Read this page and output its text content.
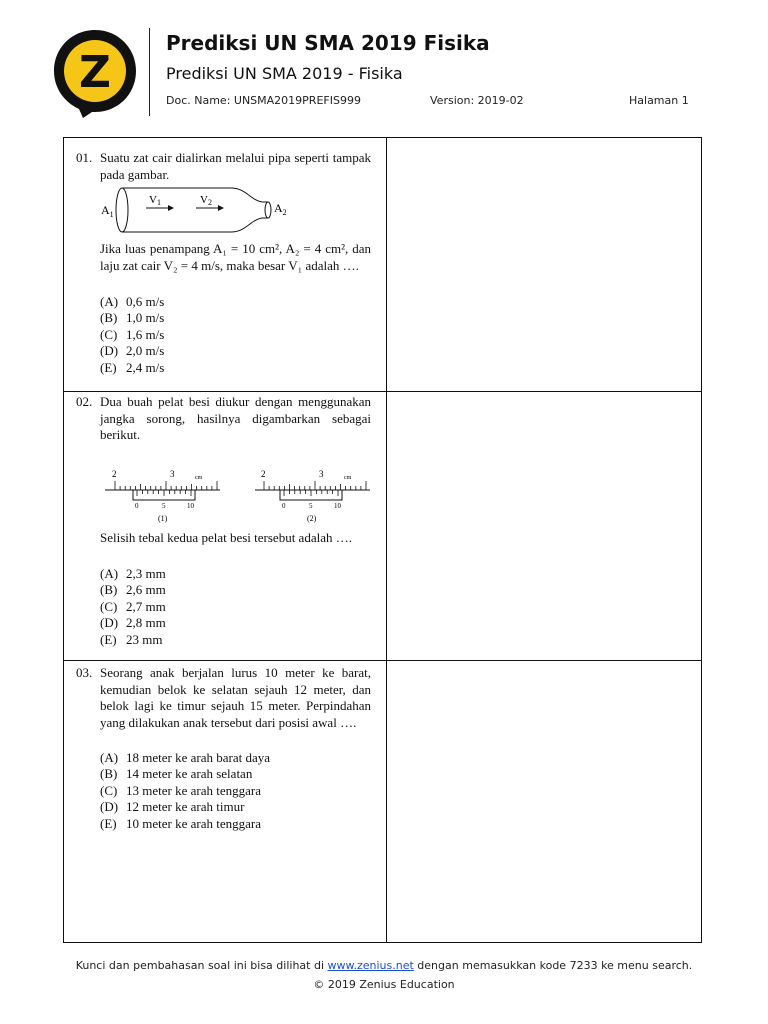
Z
Prediksi UN SMA 2019 Fisika
Prediksi UN SMA 2019 - Fisika
Doc. Name: UNSMA2019PREFIS999	Version: 2019-02	Halaman 1
01. Suatu zat cair dialirkan melalui pipa seperti tampak pada gambar.
$A_1$
V1	V2	$A_2$
Jika luas penampang A₁ = 10 cm², A₂ = 4 cm², dan laju zat cair V₂ = 4 m/s, maka besar V₁ adalah ….
(A) 0,6 m/s
(B) 1,0 m/s
(C) 1,6 m/s
(D) 2,0 m/s
(E) 2,4 m/s
02. Dua buah pelat besi diukur dengan menggunakan jangka sorong, hasilnya digambarkan sebagai berikut.
2	3	cm
0	5	10
(1)
2	3	cm
0	5	10
(2)
Selisih tebal kedua pelat besi tersebut adalah ….
(A) 2,3 mm
(B) 2,6 mm
(C) 2,7 mm
(D) 2,8 mm
(E) 23 mm
03. Seorang anak berjalan lurus 10 meter ke barat, kemudian belok ke selatan sejauh 12 meter, dan belok lagi ke timur sejauh 15 meter. Perpindahan yang dilakukan anak tersebut dari posisi awal ….
(A) 18 meter ke arah barat daya
(B) 14 meter ke arah selatan
(C) 13 meter ke arah tenggara
(D) 12 meter ke arah timur
(E) 10 meter ke arah tenggara
Kunci dan pembahasan soal ini bisa dilihat di www.zenius.net dengan memasukkan kode 7233 ke menu search.
© 2019 Zenius Education
